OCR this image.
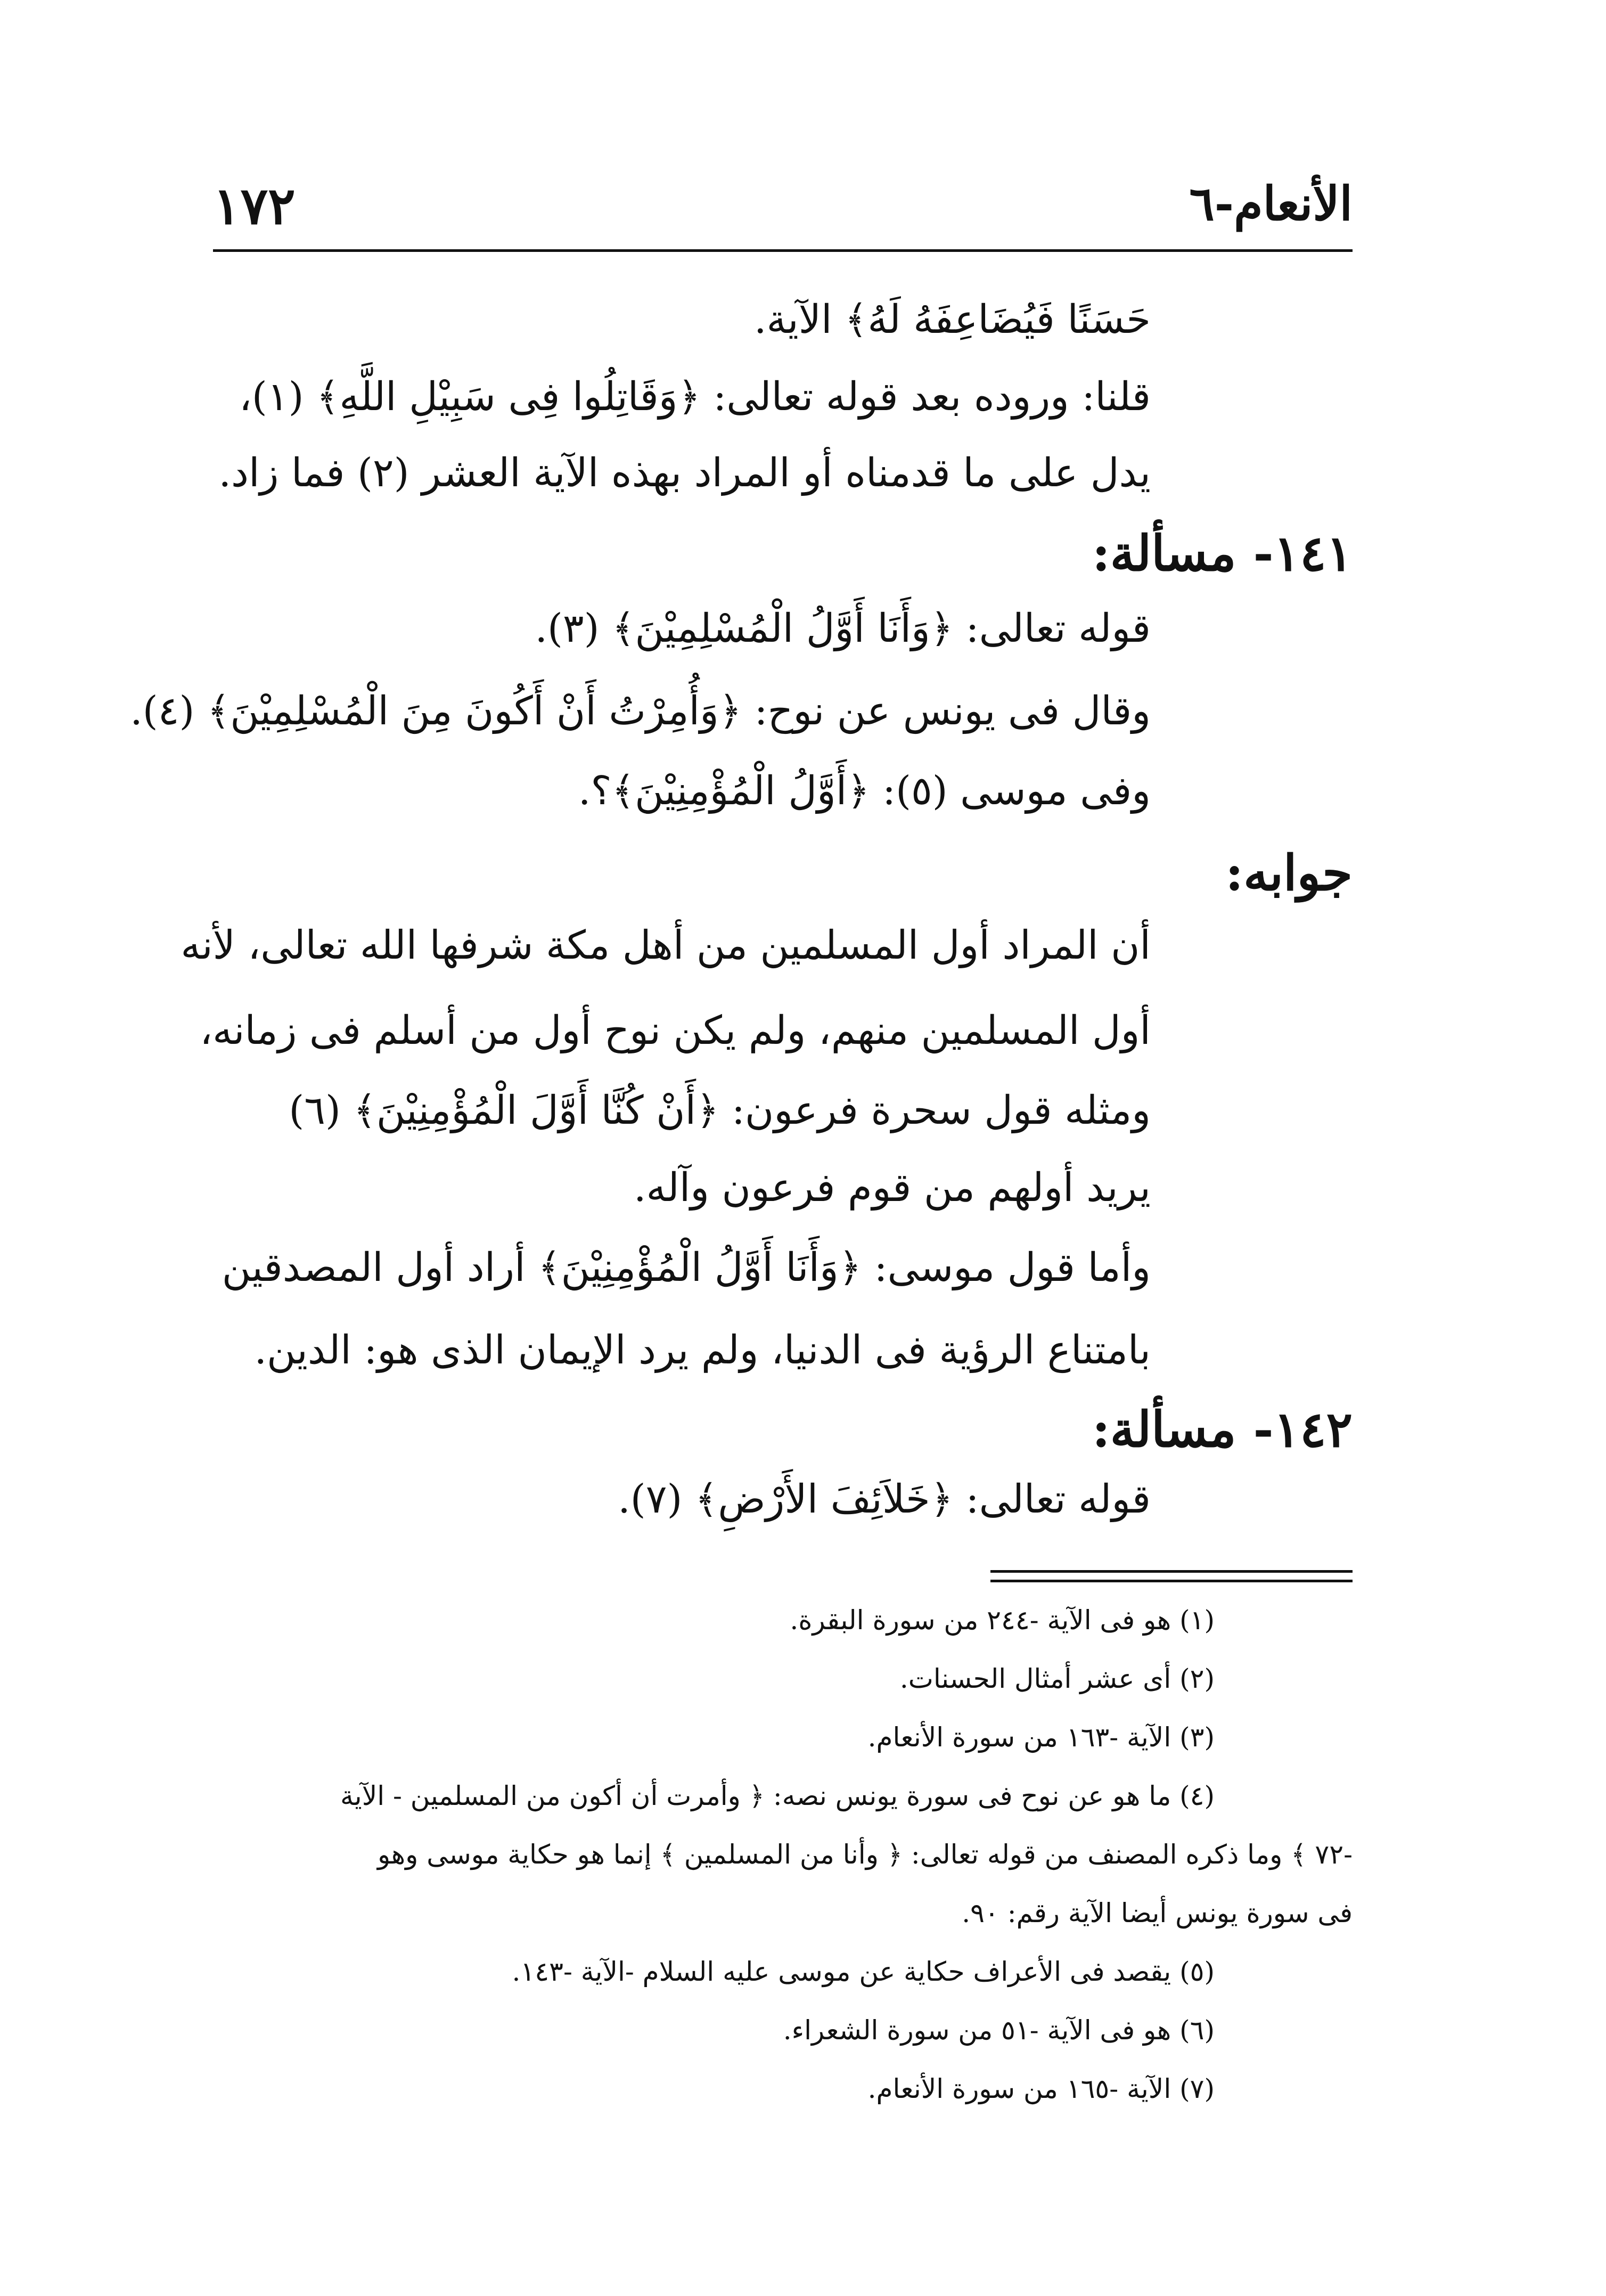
الأنعام-٦
١٧٢
حَسَنًا فَيُضَاعِفَهُ لَهُ﴾ الآية.
قلنا: وروده بعد قوله تعالى: ﴿وَقَاتِلُوا فِى سَبِيْلِ اللَّهِ﴾ (١)،
يدل على ما قدمناه أو المراد بهذه الآية العشر (٢) فما زاد.
١٤١- مسألة:
قوله تعالى: ﴿وَأَنَا أَوَّلُ الْمُسْلِمِيْنَ﴾ (٣).
وقال فى يونس عن نوح: ﴿وَأُمِرْتُ أَنْ أَكُونَ مِنَ الْمُسْلِمِيْنَ﴾ (٤).
وفى موسى (٥): ﴿أَوَّلُ الْمُؤْمِنِيْنَ﴾؟.
جوابه:
أن المراد أول المسلمين من أهل مكة شرفها الله تعالى، لأنه
أول المسلمين منهم، ولم يكن نوح أول من أسلم فى زمانه،
ومثله قول سحرة فرعون: ﴿أَنْ كُنَّا أَوَّلَ الْمُؤْمِنِيْنَ﴾ (٦)
يريد أولهم من قوم فرعون وآله.
وأما قول موسى: ﴿وَأَنَا أَوَّلُ الْمُؤْمِنِيْنَ﴾ أراد أول المصدقين
بامتناع الرؤية فى الدنيا، ولم يرد الإيمان الذى هو: الدين.
١٤٢- مسألة:
قوله تعالى: ﴿خَلاَئِفَ الأَرْضِ﴾ (٧).
(١) هو فى الآية -٢٤٤ من سورة البقرة.
(٢) أى عشر أمثال الحسنات.
(٣) الآية -١٦٣ من سورة الأنعام.
(٤) ما هو عن نوح فى سورة يونس نصه: ﴿ وأمرت أن أكون من المسلمين - الآية
-٧٢ ﴾ وما ذكره المصنف من قوله تعالى: ﴿ وأنا من المسلمين ﴾ إنما هو حكاية موسى وهو
فى سورة يونس أيضا الآية رقم: ٩٠.
(٥) يقصد فى الأعراف حكاية عن موسى عليه السلام -الآية -١٤٣.
(٦) هو فى الآية -٥١ من سورة الشعراء.
(٧) الآية -١٦٥ من سورة الأنعام.
